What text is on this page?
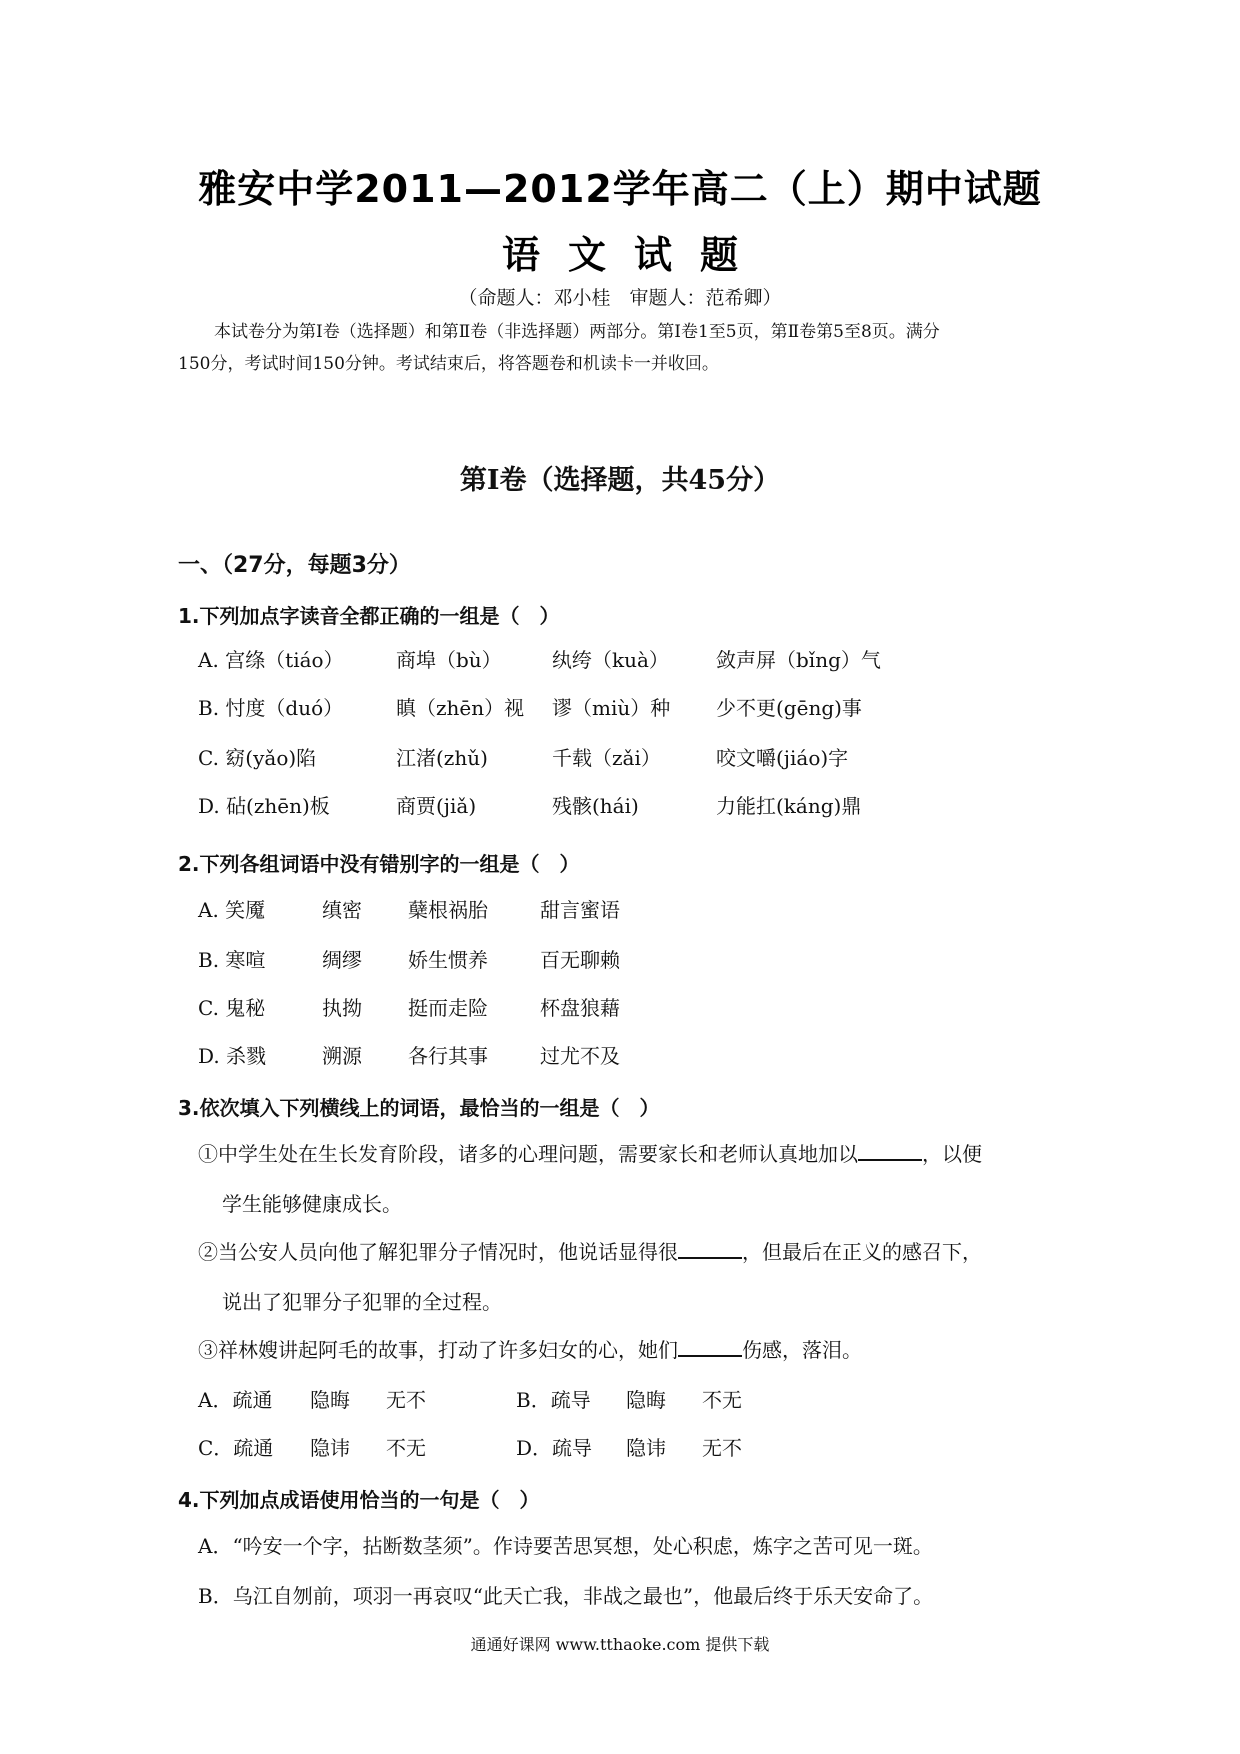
雅安中学2011—2012学年高二（上）期中试题
语文试题
（命题人：邓小桂　审题人：范希卿）
本试卷分为第Ⅰ卷（选择题）和第Ⅱ卷（非选择题）两部分。第Ⅰ卷1至5页，第Ⅱ卷第5至8页。满分
150分，考试时间150分钟。考试结束后，将答题卷和机读卡一并收回。
第Ⅰ卷（选择题，共45分）
一、（27分，每题3分）
1.下列加点字读音全都正确的一组是（　）
A. 宫绦（tiáo）	商埠（bù）	纨绔（kuà） 敛声屏（bǐng）气
B. 忖度（duó）	瞋（zhēn）视 谬（miù）种 少不更(gēng)事
C. 窈(yǎo)陷	江渚(zhǔ)	千载（zǎi）	咬文嚼(jiáo)字
D. 砧(zhēn)板	商贾(jiǎ)	残骸(hái)	力能扛(káng)鼎
2.下列各组词语中没有错别字的一组是（　）
A. 笑魇	缜密 蘖根祸胎	甜言蜜语
B. 寒喧	绸缪 娇生惯养	百无聊赖
C. 鬼秘	执拗 挺而走险	杯盘狼藉
D. 杀戮	溯源 各行其事	过尤不及
3.依次填入下列横线上的词语，最恰当的一组是（　）
①中学生处在生长发育阶段，诸多的心理问题，需要家长和老师认真地加以	，以便
学生能够健康成长。
②当公安人员向他了解犯罪分子情况时，他说话显得很	，但最后在正义的感召下，
说出了犯罪分子犯罪的全过程。
③祥林嫂讲起阿毛的故事，打动了许多妇女的心，她们	伤感，落泪。
A．疏通 隐晦 无不	B．疏导 隐晦 不无
C．疏通 隐讳 不无	D．疏导 隐讳 无不
4.下列加点成语使用恰当的一句是（　）
A．“吟安一个字，拈断数茎须”。作诗要苦思冥想，处心积虑，炼字之苦可见一斑。
B．乌江自刎前，项羽一再哀叹“此天亡我，非战之最也”，他最后终于乐天安命了。
通通好课网 www.tthaoke.com 提供下载
